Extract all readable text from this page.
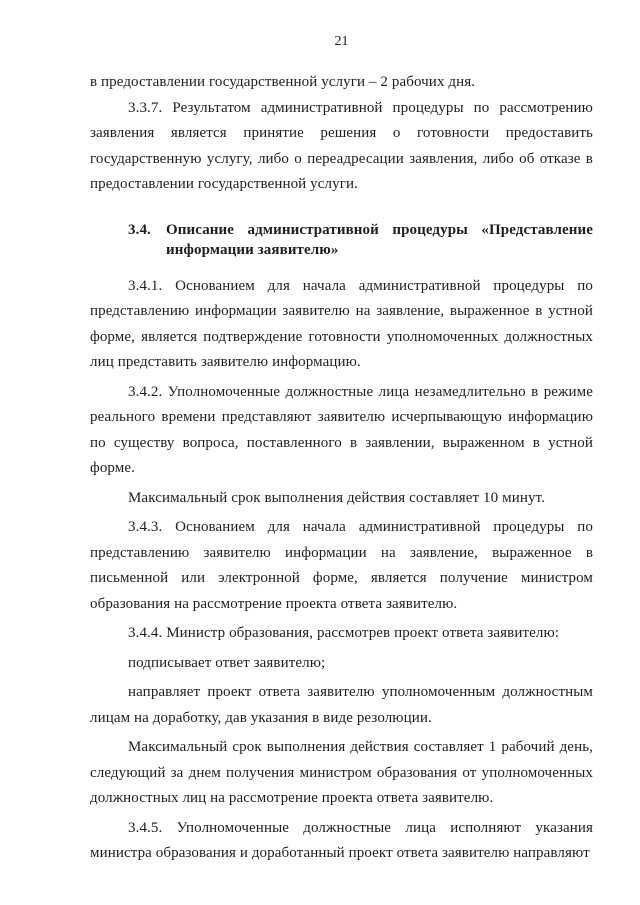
21

в предоставлении государственной услуги – 2 рабочих дня.

3.3.7. Результатом административной процедуры по рассмотрению заявления является принятие решения о готовности предоставить государственную услугу, либо о переадресации заявления, либо об отказе в предоставлении государственной услуги.

3.4.	Описание административной процедуры «Представление информации заявителю»

3.4.1. Основанием для начала административной процедуры по представлению информации заявителю на заявление, выраженное в устной форме, является подтверждение готовности уполномоченных должностных лиц представить заявителю информацию.

3.4.2. Уполномоченные должностные лица незамедлительно в режиме реального времени представляют заявителю исчерпывающую информацию по существу вопроса, поставленного в заявлении, выраженном в устной форме.

Максимальный срок выполнения действия составляет 10 минут.

3.4.3. Основанием для начала административной процедуры по представлению заявителю информации на заявление, выраженное в письменной или электронной форме, является получение министром образования на рассмотрение проекта ответа заявителю.

3.4.4. Министр образования, рассмотрев проект ответа заявителю:

подписывает ответ заявителю;

направляет проект ответа заявителю уполномоченным должностным лицам на доработку, дав указания в виде резолюции.

Максимальный срок выполнения действия составляет 1 рабочий день, следующий за днем получения министром образования от уполномоченных должностных лиц на рассмотрение проекта ответа заявителю.

3.4.5. Уполномоченные должностные лица исполняют указания министра образования и доработанный проект ответа заявителю направляют
